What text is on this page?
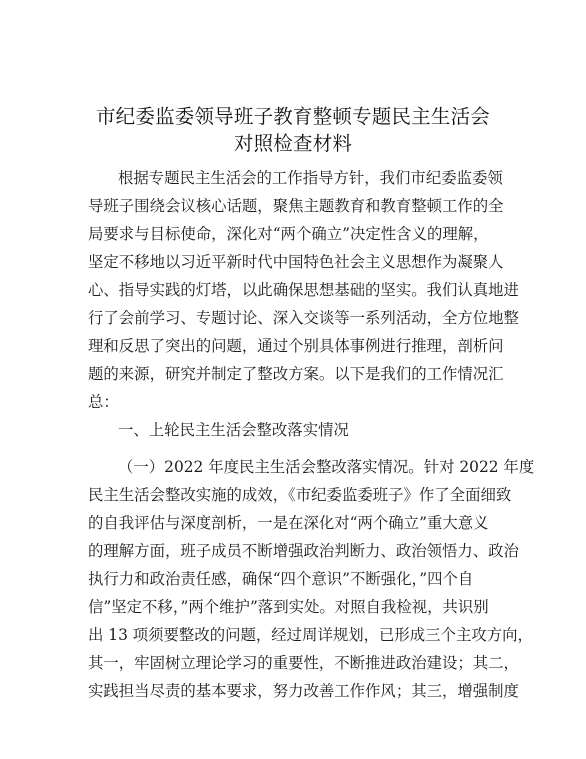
市纪委监委领导班子教育整顿专题民主生活会
对照检查材料
根据专题民主生活会的工作指导方针，我们市纪委监委领
导班子围绕会议核心话题，聚焦主题教育和教育整顿工作的全
局要求与目标使命，深化对“两个确立”决定性含义的理解，
坚定不移地以习近平新时代中国特色社会主义思想作为凝聚人
心、指导实践的灯塔，以此确保思想基础的坚实。我们认真地进
行了会前学习、专题讨论、深入交谈等一系列活动，全方位地整
理和反思了突出的问题，通过个别具体事例进行推理，剖析问
题的来源，研究并制定了整改方案。以下是我们的工作情况汇
总：
一、上轮民主生活会整改落实情况
（一）2022 年度民主生活会整改落实情况。针对 2022 年度
民主生活会整改实施的成效，《市纪委监委班子》作了全面细致
的自我评估与深度剖析，一是在深化对“两个确立”重大意义
的理解方面，班子成员不断增强政治判断力、政治领悟力、政治
执行力和政治责任感，确保“四个意识”不断强化，”四个自
信”坚定不移，”两个维护”落到实处。对照自我检视，共识别
出 13 项须要整改的问题，经过周详规划，已形成三个主攻方向，
其一，牢固树立理论学习的重要性，不断推进政治建设；其二，
实践担当尽责的基本要求，努力改善工作作风；其三，增强制度
